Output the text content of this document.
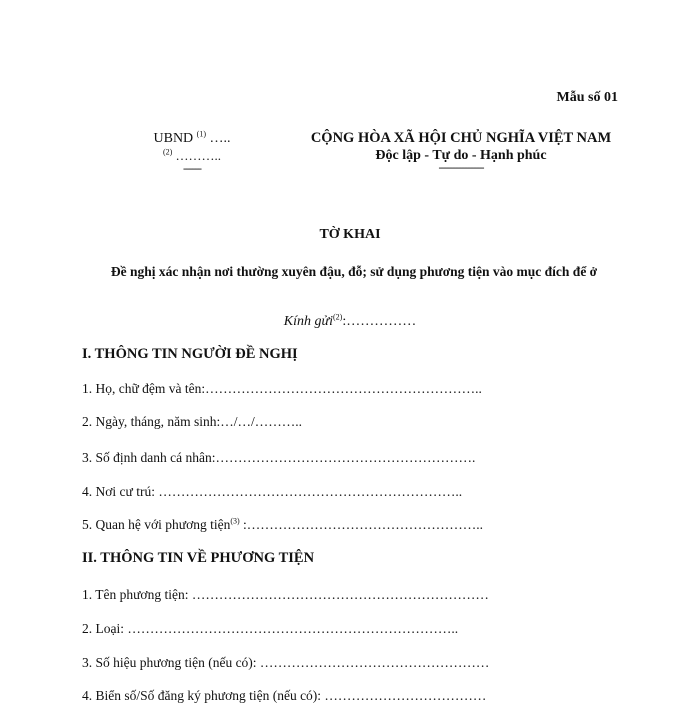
Mẫu số 01
UBND $^{(1)}$ …..
$^{(2)}$ ………..
------
CỘNG HÒA XÃ HỘI CHỦ NGHĨA VIỆT NAM
Độc lập - Tự do - Hạnh phúc
---------------
TỜ KHAI
Đề nghị xác nhận nơi thường xuyên đậu, đỗ; sử dụng phương tiện vào mục đích để ở
Kính gửi$^{(2)}$:……………
I. THÔNG TIN NGƯỜI ĐỀ NGHỊ
1. Họ, chữ đệm và tên:……………………………………………………..
2. Ngày, tháng, năm sinh:…/…/………..
3. Số định danh cá nhân:………………………………………………….
4. Nơi cư trú: …………………………………………………………..
5. Quan hệ với phương tiện$^{(3)}$ :……………………………………………..
II. THÔNG TIN VỀ PHƯƠNG TIỆN
1. Tên phương tiện: …………………………………………………………
2. Loại: ………………………………………………………………..
3. Số hiệu phương tiện (nếu có): ……………………………………………
4. Biển số/Số đăng ký phương tiện (nếu có): ………………………………
